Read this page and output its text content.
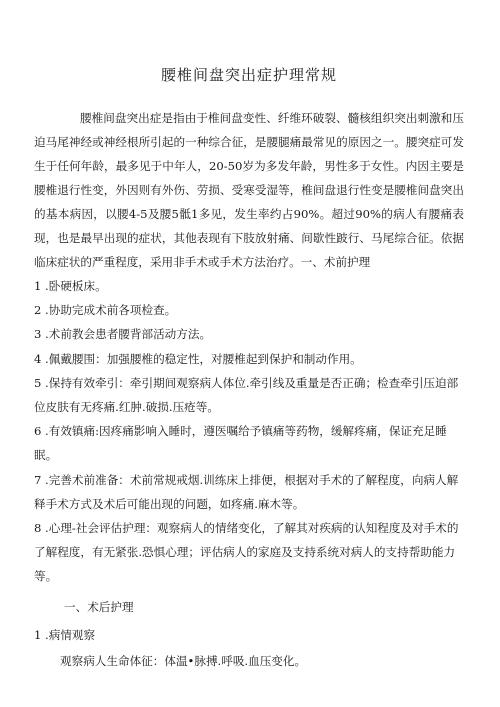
腰椎间盘突出症护理常规

腰椎间盘突出症是指由于椎间盘变性、纤维环破裂、髓核组织突出刺激和压迫马尾神经或神经根所引起的一种综合征，是腰腿痛最常见的原因之一。腰突症可发生于任何年龄，最多见于中年人，20-50岁为多发年龄，男性多于女性。内因主要是腰椎退行性变，外因则有外伤、劳损、受寒受湿等，椎间盘退行性变是腰椎间盘突出的基本病因，以腰4-5及腰5骶1多见，发生率约占90%。超过90%的病人有腰痛表现，也是最早出现的症状，其他表现有下肢放射痛、间歇性跛行、马尾综合征。依据临床症状的严重程度，采用非手术或手术方法治疗。一、术前护理

1 .卧硬板床。

2 .协助完成术前各项检查。

3 .术前教会患者腰背部活动方法。

4 .佩戴腰围：加强腰椎的稳定性，对腰椎起到保护和制动作用。

5 .保持有效牵引：牵引期间观察病人体位.牵引线及重量是否正确；检查牵引压迫部位皮肤有无疼痛.红肿.破损.压疮等。

6 .有效镇痛:因疼痛影响入睡时，遵医嘱给予镇痛等药物，缓解疼痛，保证充足睡眠。

7 .完善术前准备：术前常规戒烟.训练床上排便，根据对手术的了解程度，向病人解释手术方式及术后可能出现的问题，如疼痛.麻木等。

8 .心理-社会评估护理：观察病人的情绪变化，了解其对疾病的认知程度及对手术的了解程度，有无紧张.恐惧心理；评估病人的家庭及支持系统对病人的支持帮助能力等。

一、术后护理

1 .病情观察

观察病人生命体征：体温•脉搏.呼吸.血压变化。
